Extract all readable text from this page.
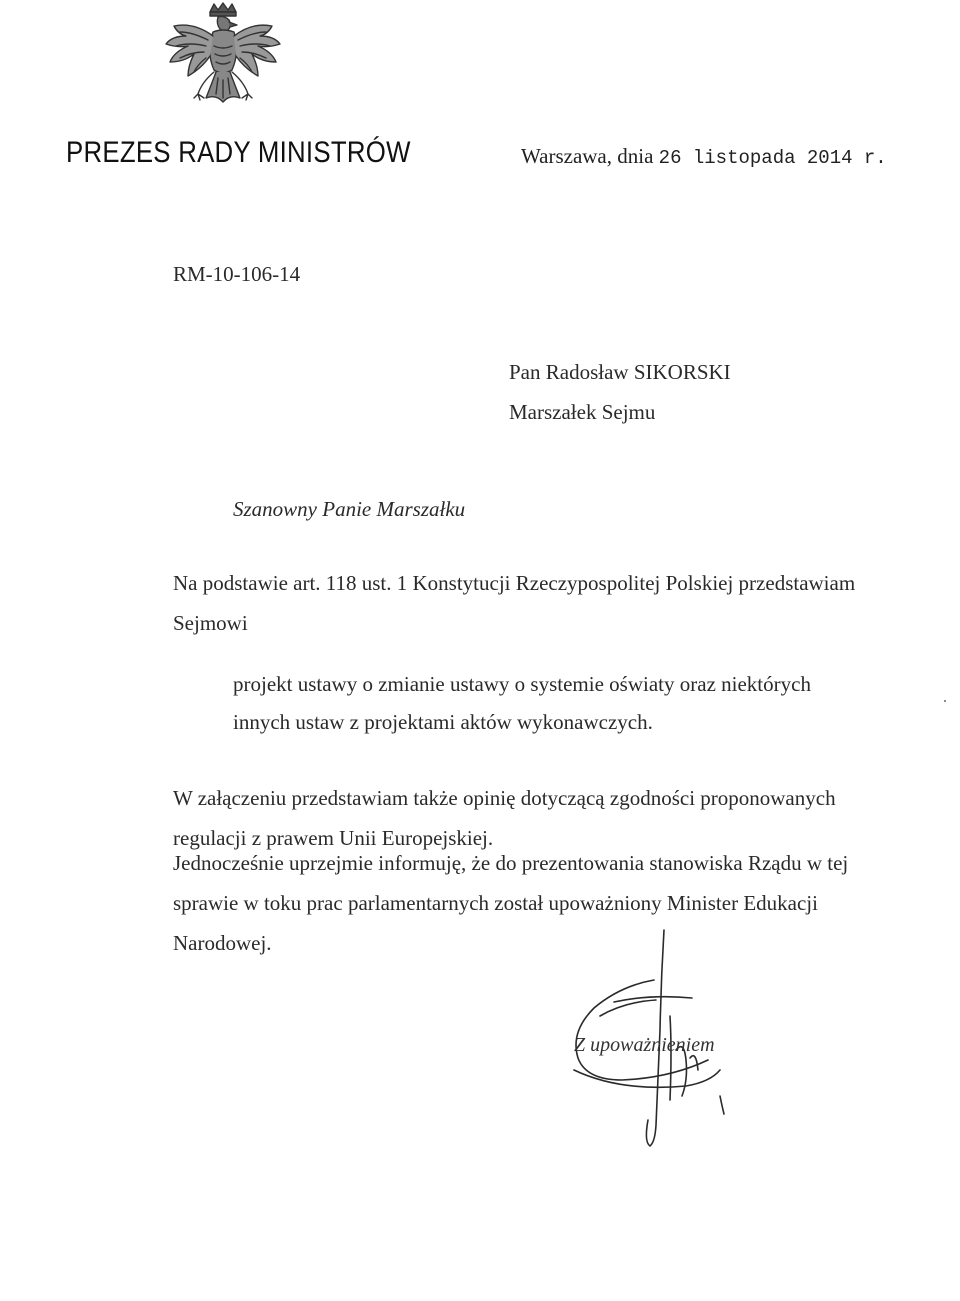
PREZES RADY MINISTRÓW	Warszawa, dnia 26 listopada 2014 r.
RM-10-106-14
Pan Radosław SIKORSKI
Marszałek Sejmu
Szanowny Panie Marszałku
Na podstawie art. 118 ust. 1 Konstytucji Rzeczypospolitej Polskiej przedstawiam
Sejmowi
projekt ustawy o zmianie ustawy o systemie oświaty oraz niektórych
innych ustaw z projektami aktów wykonawczych.
W załączeniu przedstawiam także opinię dotyczącą zgodności proponowanych
regulacji z prawem Unii Europejskiej.
Jednocześnie uprzejmie informuję, że do prezentowania stanowiska Rządu w tej
sprawie w toku prac parlamentarnych został upoważniony Minister Edukacji
Narodowej.
Z upoważnieniem
